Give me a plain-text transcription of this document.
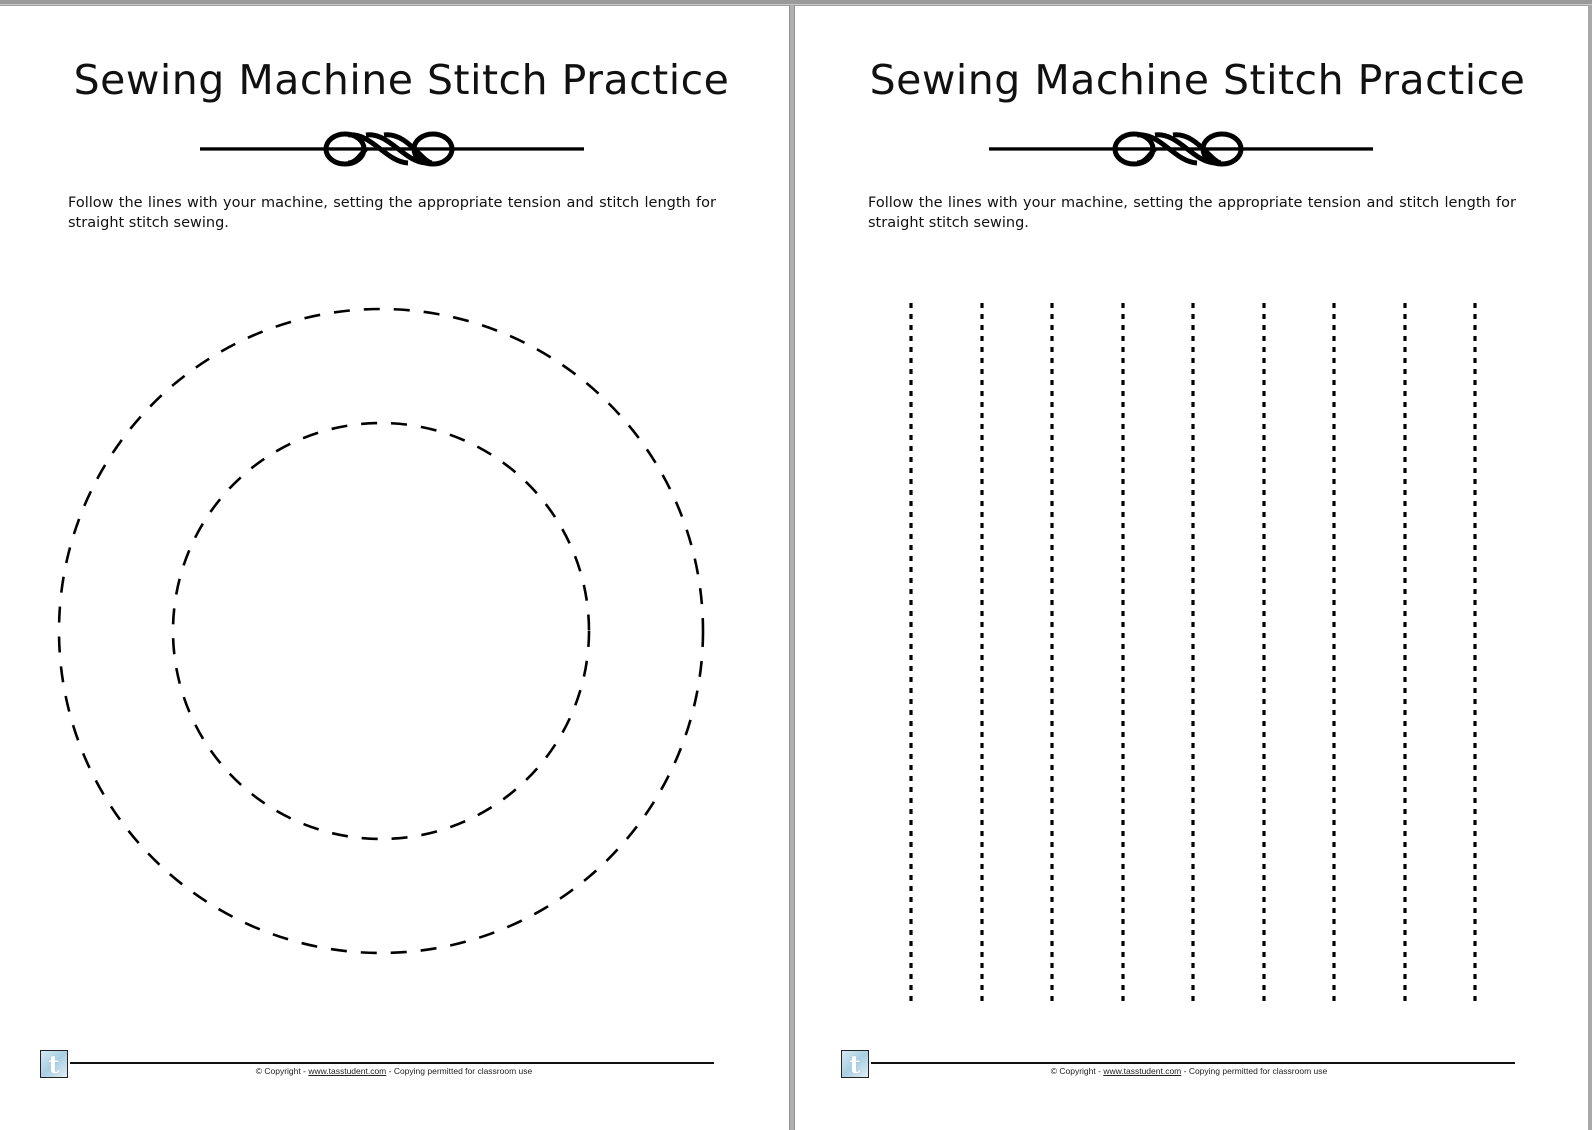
Sewing Machine Stitch Practice
Follow the lines with your machine, setting the appropriate tension and stitch length for straight stitch sewing.
t	© Copyright - www.tasstudent.com - Copying permitted for classroom use
Sewing Machine Stitch Practice
Follow the lines with your machine, setting the appropriate tension and stitch length for straight stitch sewing.
t	© Copyright - www.tasstudent.com - Copying permitted for classroom use
